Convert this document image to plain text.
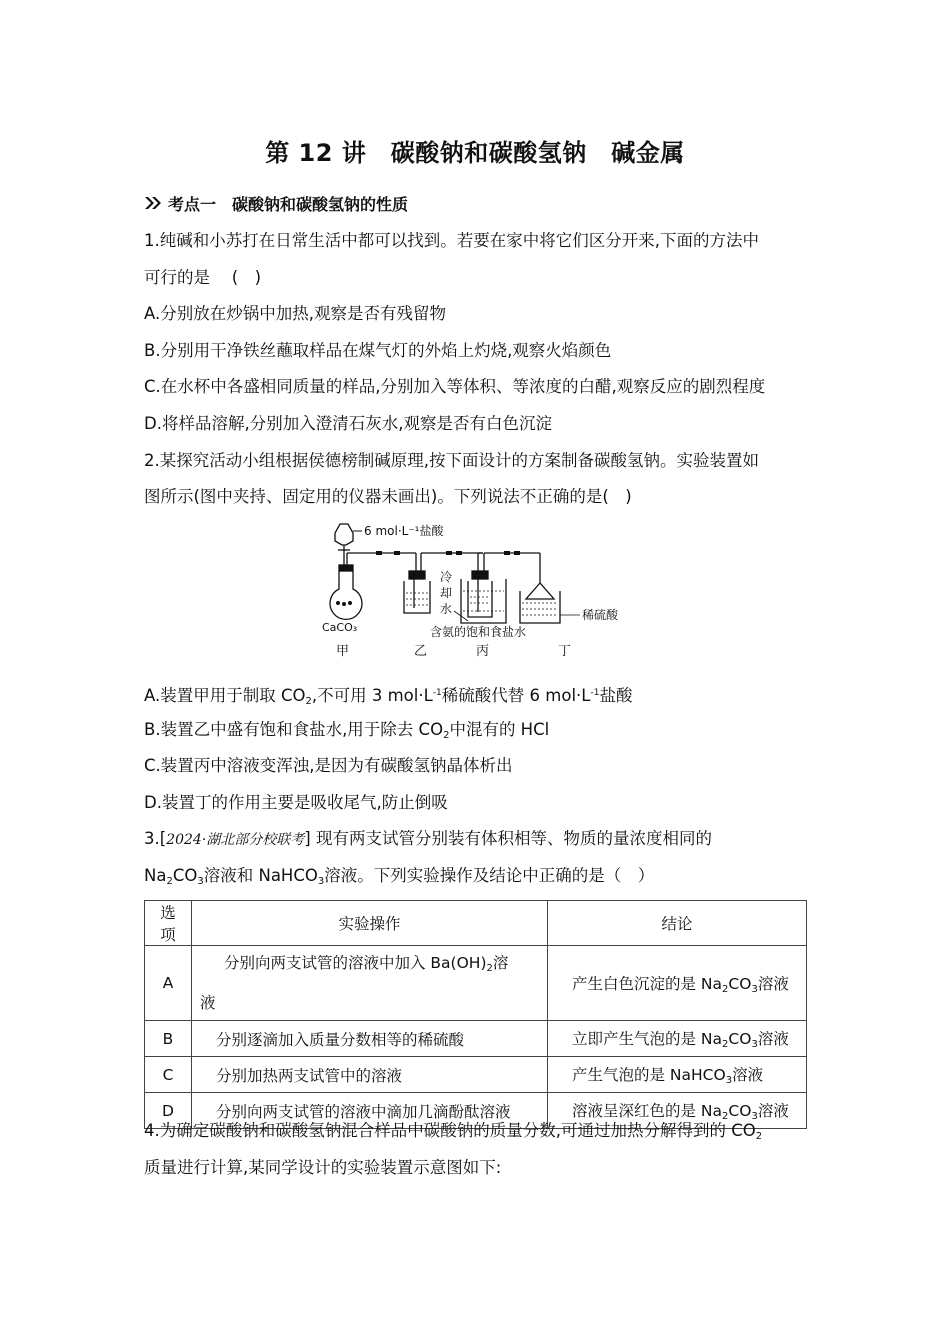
第 12 讲　碳酸钠和碳酸氢钠　碱金属
考点一　碳酸钠和碳酸氢钠的性质
1.纯碱和小苏打在日常生活中都可以找到。若要在家中将它们区分开来,下面的方法中
可行的是　 (　)
A.分别放在炒锅中加热,观察是否有残留物
B.分别用干净铁丝蘸取样品在煤气灯的外焰上灼烧,观察火焰颜色
C.在水杯中各盛相同质量的样品,分别加入等体积、等浓度的白醋,观察反应的剧烈程度
D.将样品溶解,分别加入澄清石灰水,观察是否有白色沉淀
2.某探究活动小组根据侯德榜制碱原理,按下面设计的方案制备碳酸氢钠。实验装置如
图所示(图中夹持、固定用的仪器未画出)。下列说法不正确的是(　)
6 mol·L⁻¹盐酸
CaCO₃
冷
却
水
含氨的饱和食盐水
稀硫酸
甲	乙	丙	丁
A.装置甲用于制取 $CO_2$,不可用 3 $mol\cdot L^{-1}$稀硫酸代替 6 $mol\cdot L^{-1}$盐酸
B.装置乙中盛有饱和食盐水,用于除去 $CO_2$中混有的 HCl
C.装置丙中溶液变浑浊,是因为有碳酸氢钠晶体析出
D.装置丁的作用主要是吸收尾气,防止倒吸
3.[2024·湖北部分校联考] 现有两支试管分别装有体积相等、物质的量浓度相同的
$Na_2CO_3$溶液和 NaHCO$_3$溶液。下列实验操作及结论中正确的是（　）
选项	实验操作	结论
A	分别向两支试管的溶液中加入 $Ba(OH)_2$溶
液	产生白色沉淀的是 $Na_2CO_3$溶液
B	分别逐滴加入质量分数相等的稀硫酸	立即产生气泡的是 $Na_2CO_3$溶液
C	分别加热两支试管中的溶液	产生气泡的是 NaHCO$_3$溶液
D	分别向两支试管的溶液中滴加几滴酚酞溶液	溶液呈深红色的是 $Na_2CO_3$溶液
4.为确定碳酸钠和碳酸氢钠混合样品中碳酸钠的质量分数,可通过加热分解得到的 $CO_2$
质量进行计算,某同学设计的实验装置示意图如下:
